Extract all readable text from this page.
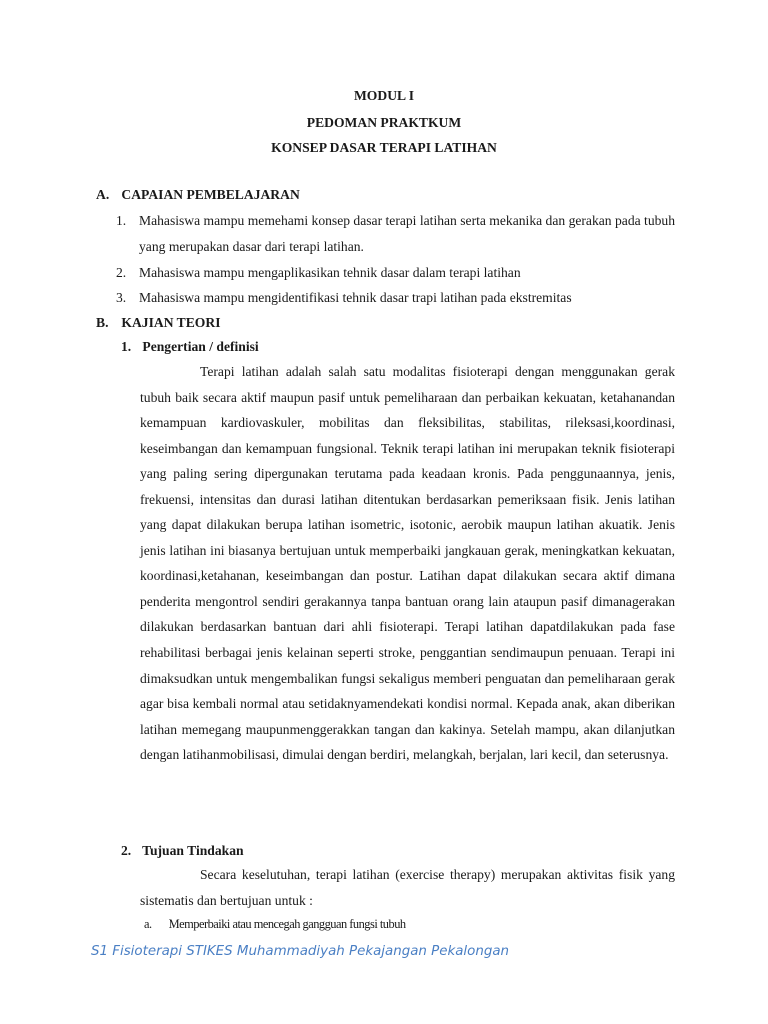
MODUL I
PEDOMAN PRAKTKUM
KONSEP DASAR TERAPI LATIHAN
A. CAPAIAN PEMBELAJARAN
1. Mahasiswa mampu memehami konsep dasar terapi latihan serta mekanika dan gerakan pada tubuh yang merupakan dasar dari terapi latihan.
2. Mahasiswa mampu mengaplikasikan tehnik dasar dalam terapi latihan
3. Mahasiswa mampu mengidentifikasi tehnik dasar trapi latihan pada ekstremitas
B. KAJIAN TEORI
1. Pengertian / definisi

Terapi latihan adalah salah satu modalitas fisioterapi dengan menggunakan gerak tubuh baik secara aktif maupun pasif untuk pemeliharaan dan perbaikan kekuatan, ketahanandan kemampuan kardiovaskuler, mobilitas dan fleksibilitas, stabilitas, rileksasi,koordinasi, keseimbangan dan kemampuan fungsional. Teknik terapi latihan ini merupakan teknik fisioterapi yang paling sering dipergunakan terutama pada keadaan kronis. Pada penggunaannya, jenis, frekuensi, intensitas dan durasi latihan ditentukan berdasarkan pemeriksaan fisik. Jenis latihan yang dapat dilakukan berupa latihan isometric, isotonic, aerobik maupun latihan akuatik. Jenis jenis latihan ini biasanya bertujuan untuk memperbaiki jangkauan gerak, meningkatkan kekuatan, koordinasi,ketahanan, keseimbangan dan postur. Latihan dapat dilakukan secara aktif dimana penderita mengontrol sendiri gerakannya tanpa bantuan orang lain ataupun pasif dimanagerakan dilakukan berdasarkan bantuan dari ahli fisioterapi. Terapi latihan dapatdilakukan pada fase rehabilitasi berbagai jenis kelainan seperti stroke, penggantian sendimaupun penuaan. Terapi ini dimaksudkan untuk mengembalikan fungsi sekaligus memberi penguatan dan pemeliharaan gerak agar bisa kembali normal atau setidaknyamendekati kondisi normal. Kepada anak, akan diberikan latihan memegang maupunmenggerakkan tangan dan kakinya. Setelah mampu, akan dilanjutkan dengan latihanmobilisasi, dimulai dengan berdiri, melangkah, berjalan, lari kecil, dan seterusnya.

2. Tujuan Tindakan

Secara keselutuhan, terapi latihan (exercise therapy) merupakan aktivitas fisik yang sistematis dan bertujuan untuk :

a. Memperbaiki atau mencegah gangguan fungsi tubuh
S1 Fisioterapi STIKES Muhammadiyah Pekajangan Pekalongan
